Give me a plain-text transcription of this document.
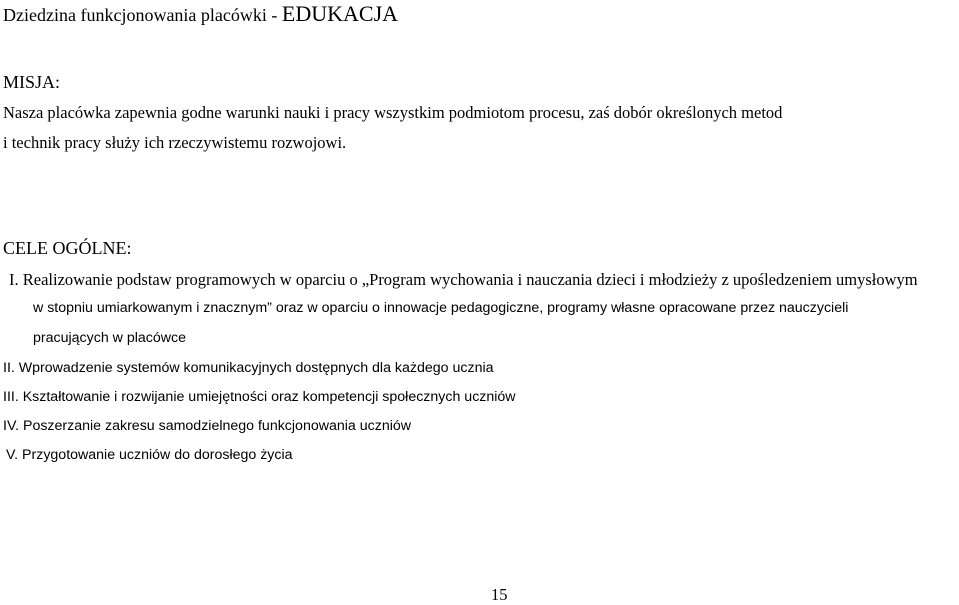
Dziedzina funkcjonowania placówki - EDUKACJA
MISJA:
Nasza placówka zapewnia godne warunki nauki i pracy wszystkim podmiotom procesu, zaś dobór określonych metod
i technik pracy służy ich rzeczywistemu rozwojowi.
CELE OGÓLNE:
I. Realizowanie podstaw programowych w oparciu o „Program wychowania i nauczania dzieci i młodzieży z upośledzeniem umysłowym
w stopniu umiarkowanym i znacznym” oraz w oparciu o innowacje pedagogiczne, programy własne opracowane przez nauczycieli
pracujących w placówce
II. Wprowadzenie systemów komunikacyjnych dostępnych dla każdego ucznia
III. Kształtowanie i rozwijanie umiejętności oraz kompetencji społecznych uczniów
IV. Poszerzanie zakresu samodzielnego funkcjonowania uczniów
V. Przygotowanie uczniów do dorosłego życia
15
